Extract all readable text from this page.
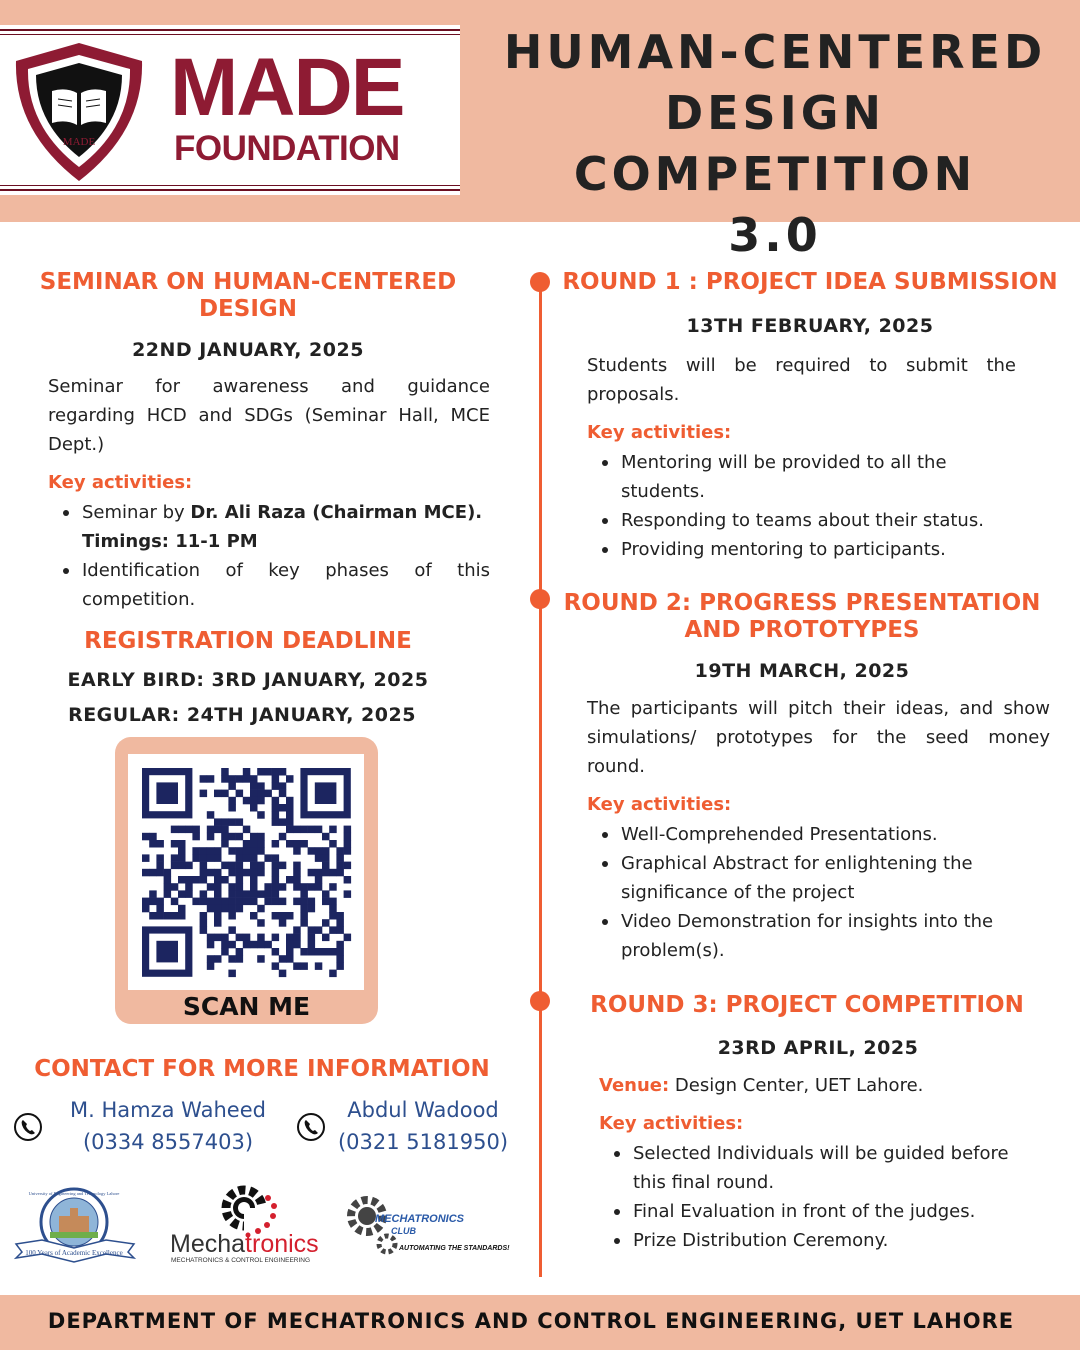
MADE
MADE
FOUNDATION
HUMAN-CENTERED
DESIGN COMPETITION
3.0
SEMINAR ON HUMAN-CENTERED
DESIGN
22ND JANUARY, 2025
Seminar for awareness and guidance
regarding HCD and SDGs (Seminar Hall, MCE
Dept.)
Key activities:
Seminar by Dr. Ali Raza (Chairman MCE).
Timings: 11-1 PM
Identification of key phases of this
competition.
REGISTRATION DEADLINE
EARLY BIRD: 3RD JANUARY, 2025
REGULAR: 24TH JANUARY, 2025
SCAN ME
CONTACT FOR MORE INFORMATION
M. Hamza Waheed
(0334 8557403)
Abdul Wadood
(0321 5181950)
100 Years of Academic Excellence
University of Engineering and Technology Lahore
Mechatronics
MECHATRONICS & CONTROL ENGINEERING
MECHATRONICS
CLUB
AUTOMATING THE STANDARDS!
ROUND 1 : PROJECT IDEA SUBMISSION
13TH FEBRUARY, 2025
Students will be required to submit the
proposals.
Key activities:
Mentoring will be provided to all the
students.
Responding to teams about their status.
Providing mentoring to participants.
ROUND 2: PROGRESS PRESENTATION
AND PROTOTYPES
19TH MARCH, 2025
The participants will pitch their ideas, and show
simulations/ prototypes for the seed money
round.
Key activities:
Well-Comprehended Presentations.
Graphical Abstract for enlightening the
significance of the project
Video Demonstration for insights into the
problem(s).
ROUND 3: PROJECT COMPETITION
23RD APRIL, 2025
Venue: Design Center, UET Lahore.
Key activities:
Selected Individuals will be guided before
this final round.
Final Evaluation in front of the judges.
Prize Distribution Ceremony.
DEPARTMENT OF MECHATRONICS AND CONTROL ENGINEERING, UET LAHORE
